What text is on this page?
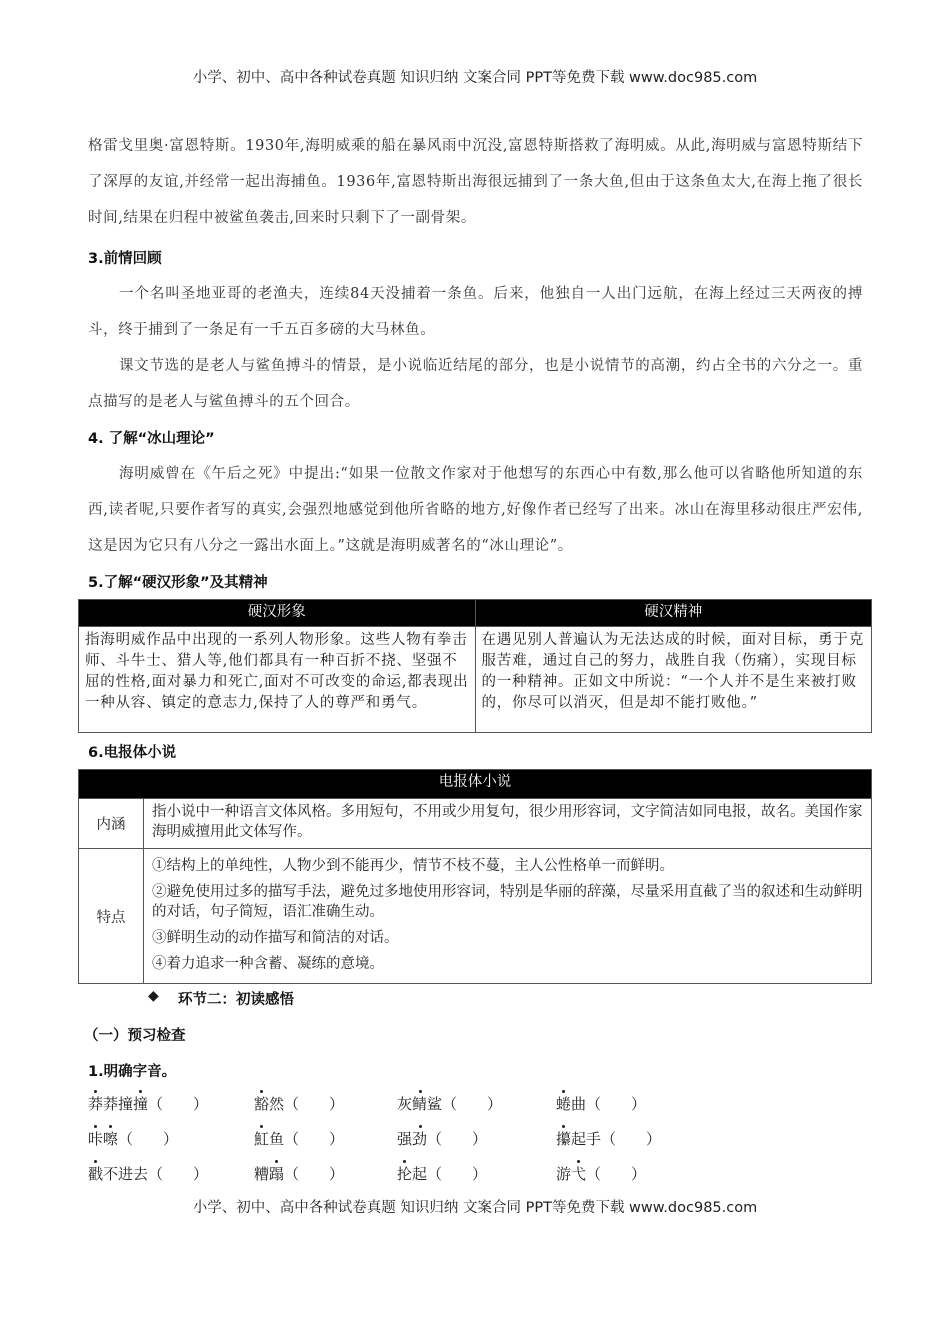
小学、初中、高中各种试卷真题 知识归纳 文案合同 PPT等免费下载 www.doc985.com

格雷戈里奥·富恩特斯。1930年,海明威乘的船在暴风雨中沉没,富恩特斯搭救了海明威。从此,海明威与富恩特斯结下了深厚的友谊,并经常一起出海捕鱼。1936年,富恩特斯出海很远捕到了一条大鱼,但由于这条鱼太大,在海上拖了很长时间,结果在归程中被鲨鱼袭击,回来时只剩下了一副骨架。

3.前情回顾

一个名叫圣地亚哥的老渔夫，连续84天没捕着一条鱼。后来，他独自一人出门远航，在海上经过三天两夜的搏斗，终于捕到了一条足有一千五百多磅的大马林鱼。

课文节选的是老人与鲨鱼搏斗的情景，是小说临近结尾的部分，也是小说情节的高潮，约占全书的六分之一。重点描写的是老人与鲨鱼搏斗的五个回合。

4. 了解“冰山理论”

海明威曾在《午后之死》中提出:“如果一位散文作家对于他想写的东西心中有数,那么他可以省略他所知道的东西,读者呢,只要作者写的真实,会强烈地感觉到他所省略的地方,好像作者已经写了出来。冰山在海里移动很庄严宏伟,这是因为它只有八分之一露出水面上。”这就是海明威著名的“冰山理论”。

5.了解“硬汉形象”及其精神

硬汉形象	硬汉精神
指海明威作品中出现的一系列人物形象。这些人物有拳击师、斗牛士、猎人等,他们都具有一种百折不挠、坚强不屈的性格,面对暴力和死亡,面对不可改变的命运,都表现出一种从容、镇定的意志力,保持了人的尊严和勇气。	在遇见别人普遍认为无法达成的时候，面对目标，勇于克服苦难，通过自己的努力，战胜自我（伤痛），实现目标的一种精神。正如文中所说：“一个人并不是生来被打败的，你尽可以消灭，但是却不能打败他。”

6.电报体小说

电报体小说	
内涵	指小说中一种语言文体风格。多用短句，不用或少用复句，很少用形容词，文字简洁如同电报，故名。美国作家海明威擅用此文体写作。
特点	①结构上的单纯性，人物少到不能再少，情节不枝不蔓，主人公性格单一而鲜明。
②避免使用过多的描写手法，避免过多地使用形容词，特别是华丽的辞藻，尽量采用直截了当的叙述和生动鲜明的对话，句子简短，语汇准确生动。
③鲜明生动的动作描写和简洁的对话。
④着力追求一种含蓄、凝练的意境。
◆ 环节二：初读感悟

（一）预习检查

1.明确字音。

莽莽撞撞（　　）	豁然（　　）	灰鲭鲨（　　）	蜷曲（　　）
咔嚓（　　）	魟鱼（　　）	强劲（　　）	攥起手（　　）
戳不进去（　　）	糟蹋（　　）	抡起（　　）	游弋（　　）
小学、初中、高中各种试卷真题 知识归纳 文案合同 PPT等免费下载 www.doc985.com
